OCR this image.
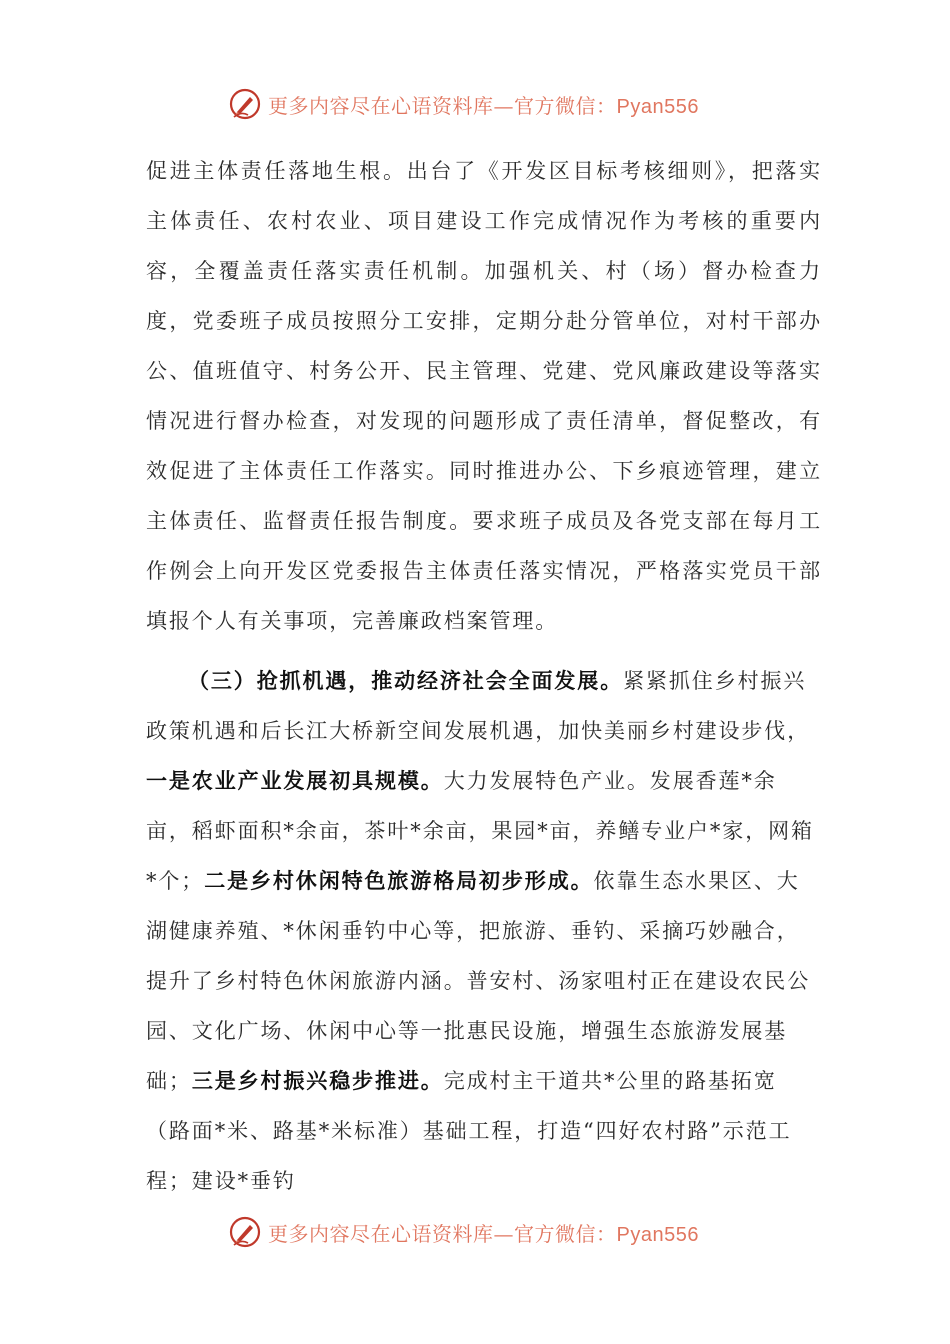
更多内容尽在心语资料库—官方微信：Pyan556

促进主体责任落地生根。出台了《开发区目标考核细则》，把落实主体责任、农村农业、项目建设工作完成情况作为考核的重要内容，全覆盖责任落实责任机制。加强机关、村（场）督办检查力度，党委班子成员按照分工安排，定期分赴分管单位，对村干部办公、值班值守、村务公开、民主管理、党建、党风廉政建设等落实情况进行督办检查，对发现的问题形成了责任清单，督促整改，有效促进了主体责任工作落实。同时推进办公、下乡痕迹管理，建立主体责任、监督责任报告制度。要求班子成员及各党支部在每月工作例会上向开发区党委报告主体责任落实情况，严格落实党员干部填报个人有关事项，完善廉政档案管理。

（三）抢抓机遇，推动经济社会全面发展。紧紧抓住乡村振兴政策机遇和后长江大桥新空间发展机遇，加快美丽乡村建设步伐，一是农业产业发展初具规模。大力发展特色产业。发展香莲*余亩，稻虾面积*余亩，茶叶*余亩，果园*亩，养鳝专业户*家，网箱*个；二是乡村休闲特色旅游格局初步形成。依靠生态水果区、大湖健康养殖、*休闲垂钓中心等，把旅游、垂钓、采摘巧妙融合，提升了乡村特色休闲旅游内涵。普安村、汤家咀村正在建设农民公园、文化广场、休闲中心等一批惠民设施，增强生态旅游发展基础；三是乡村振兴稳步推进。完成村主干道共*公里的路基拓宽（路面*米、路基*米标准）基础工程，打造“四好农村路”示范工程；建设*垂钓

更多内容尽在心语资料库—官方微信：Pyan556
